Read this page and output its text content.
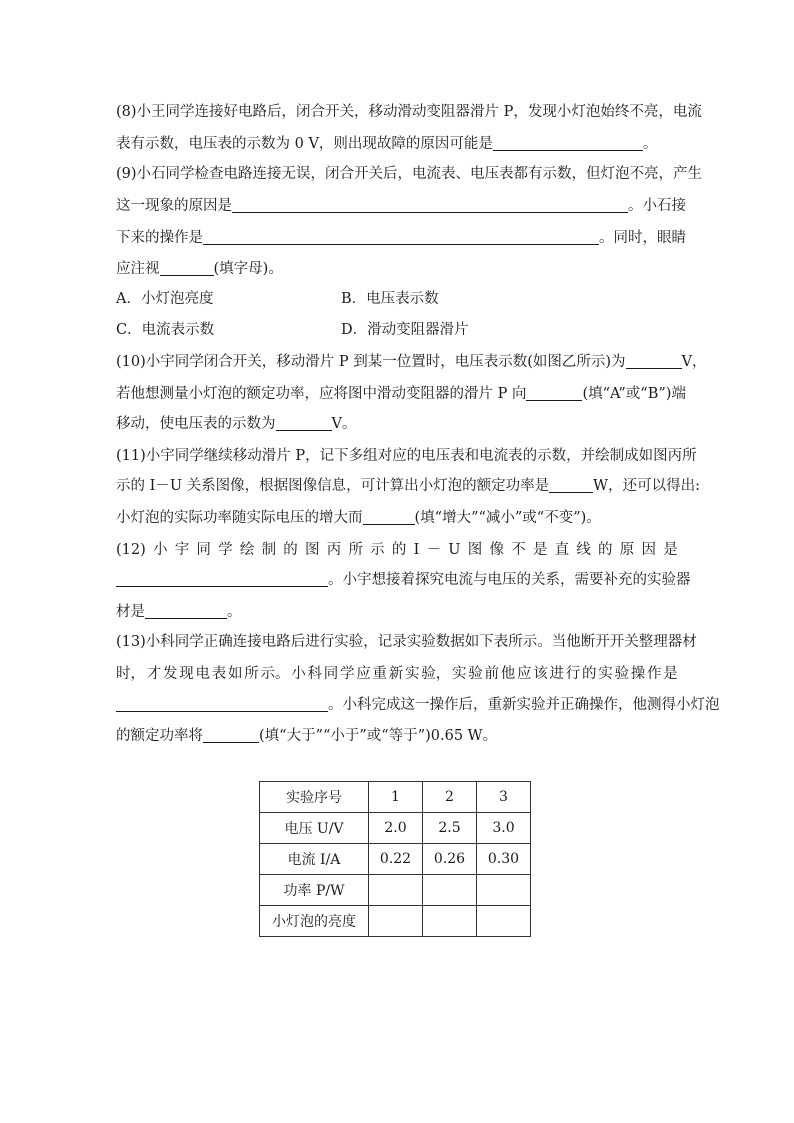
(8)小王同学连接好电路后，闭合开关，移动滑动变阻器滑片 P，发现小灯泡始终不亮，电流
表有示数，电压表的示数为 0 V，则出现故障的原因可能是	。
(9)小石同学检查电路连接无误，闭合开关后，电流表、电压表都有示数，但灯泡不亮，产生
这一现象的原因是	。小石接
下来的操作是	。同时，眼睛
应注视	(填字母)。
A．小灯泡亮度	B．电压表示数
C．电流表示数	D．滑动变阻器滑片
(10)小宇同学闭合开关，移动滑片 P 到某一位置时，电压表示数(如图乙所示)为	V，
若他想测量小灯泡的额定功率，应将图中滑动变阻器的滑片 P 向	(填“A”或“B”)端
移动，使电压表的示数为	V。
(11)小宇同学继续移动滑片 P，记下多组对应的电压表和电流表的示数，并绘制成如图丙所
示的 I－U 关系图像，根据图像信息，可计算出小灯泡的额定功率是	W，还可以得出:
小灯泡的实际功率随实际电压的增大而	(填“增大”“减小”或“不变”)。
(12) 小 宇 同 学 绘 制 的 图 丙 所 示 的 I － U 图 像 不 是 直 线 的 原 因 是
。小宇想接着探究电流与电压的关系，需要补充的实验器
材是	。
(13)小科同学正确连接电路后进行实验，记录实验数据如下表所示。当他断开开关整理器材
时， 才 发 现 电 表 如 所 示。 小 科 同 学 应 重 新 实 验， 实 验 前 他 应 该 进 行 的 实 验 操 作 是
。小科完成这一操作后，重新实验并正确操作，他测得小灯泡
的额定功率将	(填“大于”“小于”或“等于”)0.65 W。
实验序号	1	2	3
电压 U/V	2.0	2.5	3.0
电流 I/A	0.22	0.26	0.30
功率 P/W			
小灯泡的亮度			
